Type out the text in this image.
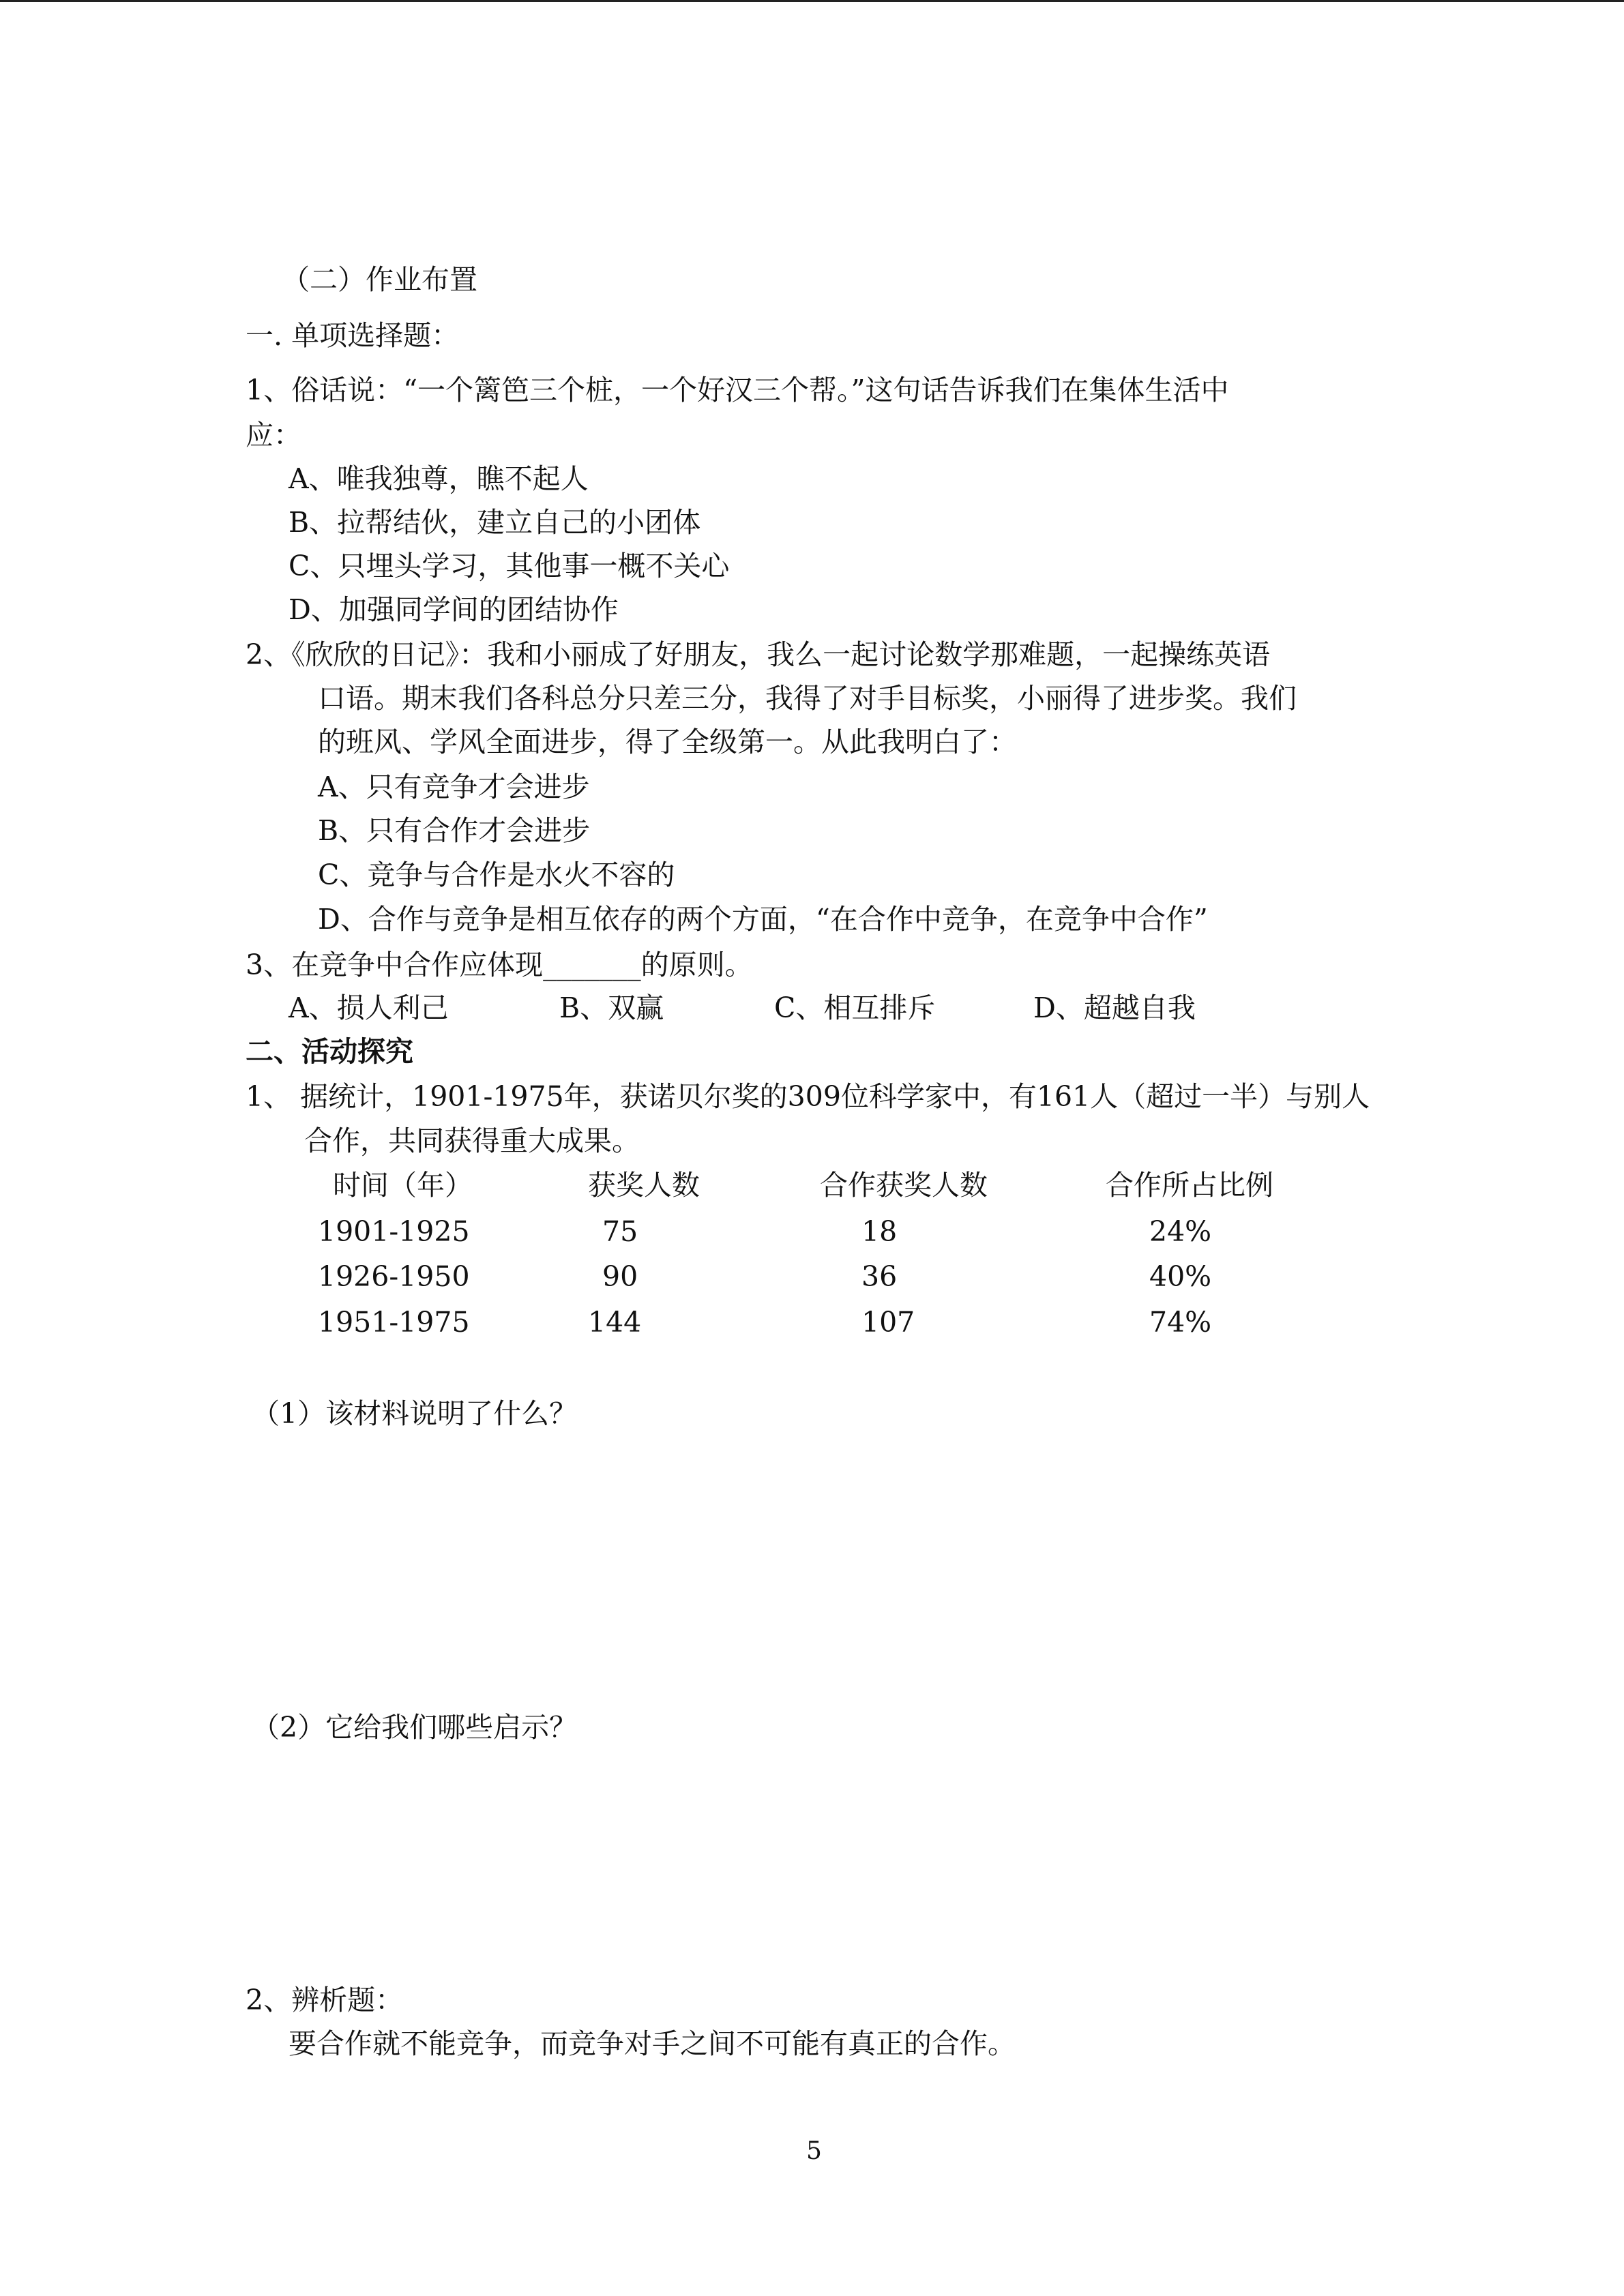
（二）作业布置
一. 单项选择题：
1、俗话说：“一个篱笆三个桩，一个好汉三个帮。”这句话告诉我们在集体生活中
应：
A、唯我独尊，瞧不起人
B、拉帮结伙，建立自己的小团体
C、只埋头学习，其他事一概不关心
D、加强同学间的团结协作
2、《欣欣的日记》：我和小丽成了好朋友，我么一起讨论数学那难题，一起操练英语
口语。期末我们各科总分只差三分，我得了对手目标奖，小丽得了进步奖。我们
的班风、学风全面进步，得了全级第一。从此我明白了：
A、只有竞争才会进步
B、只有合作才会进步
C、竞争与合作是水火不容的
D、合作与竞争是相互依存的两个方面，“在合作中竞争，在竞争中合作”
3、在竞争中合作应体现_______的原则。
A、损人利己	B、双赢	C、相互排斥	D、超越自我
二、活动探究
1、 据统计，1901-1975年，获诺贝尔奖的309位科学家中，有161人（超过一半）与别人
合作，共同获得重大成果。
时间（年）	获奖人数	合作获奖人数	合作所占比例
1901-1925	75	18	24%
1926-1950	90	36	40%
1951-1975	144	107	74%
（1）该材料说明了什么？
（2）它给我们哪些启示？
2、辨析题：
要合作就不能竞争，而竞争对手之间不可能有真正的合作。
5
